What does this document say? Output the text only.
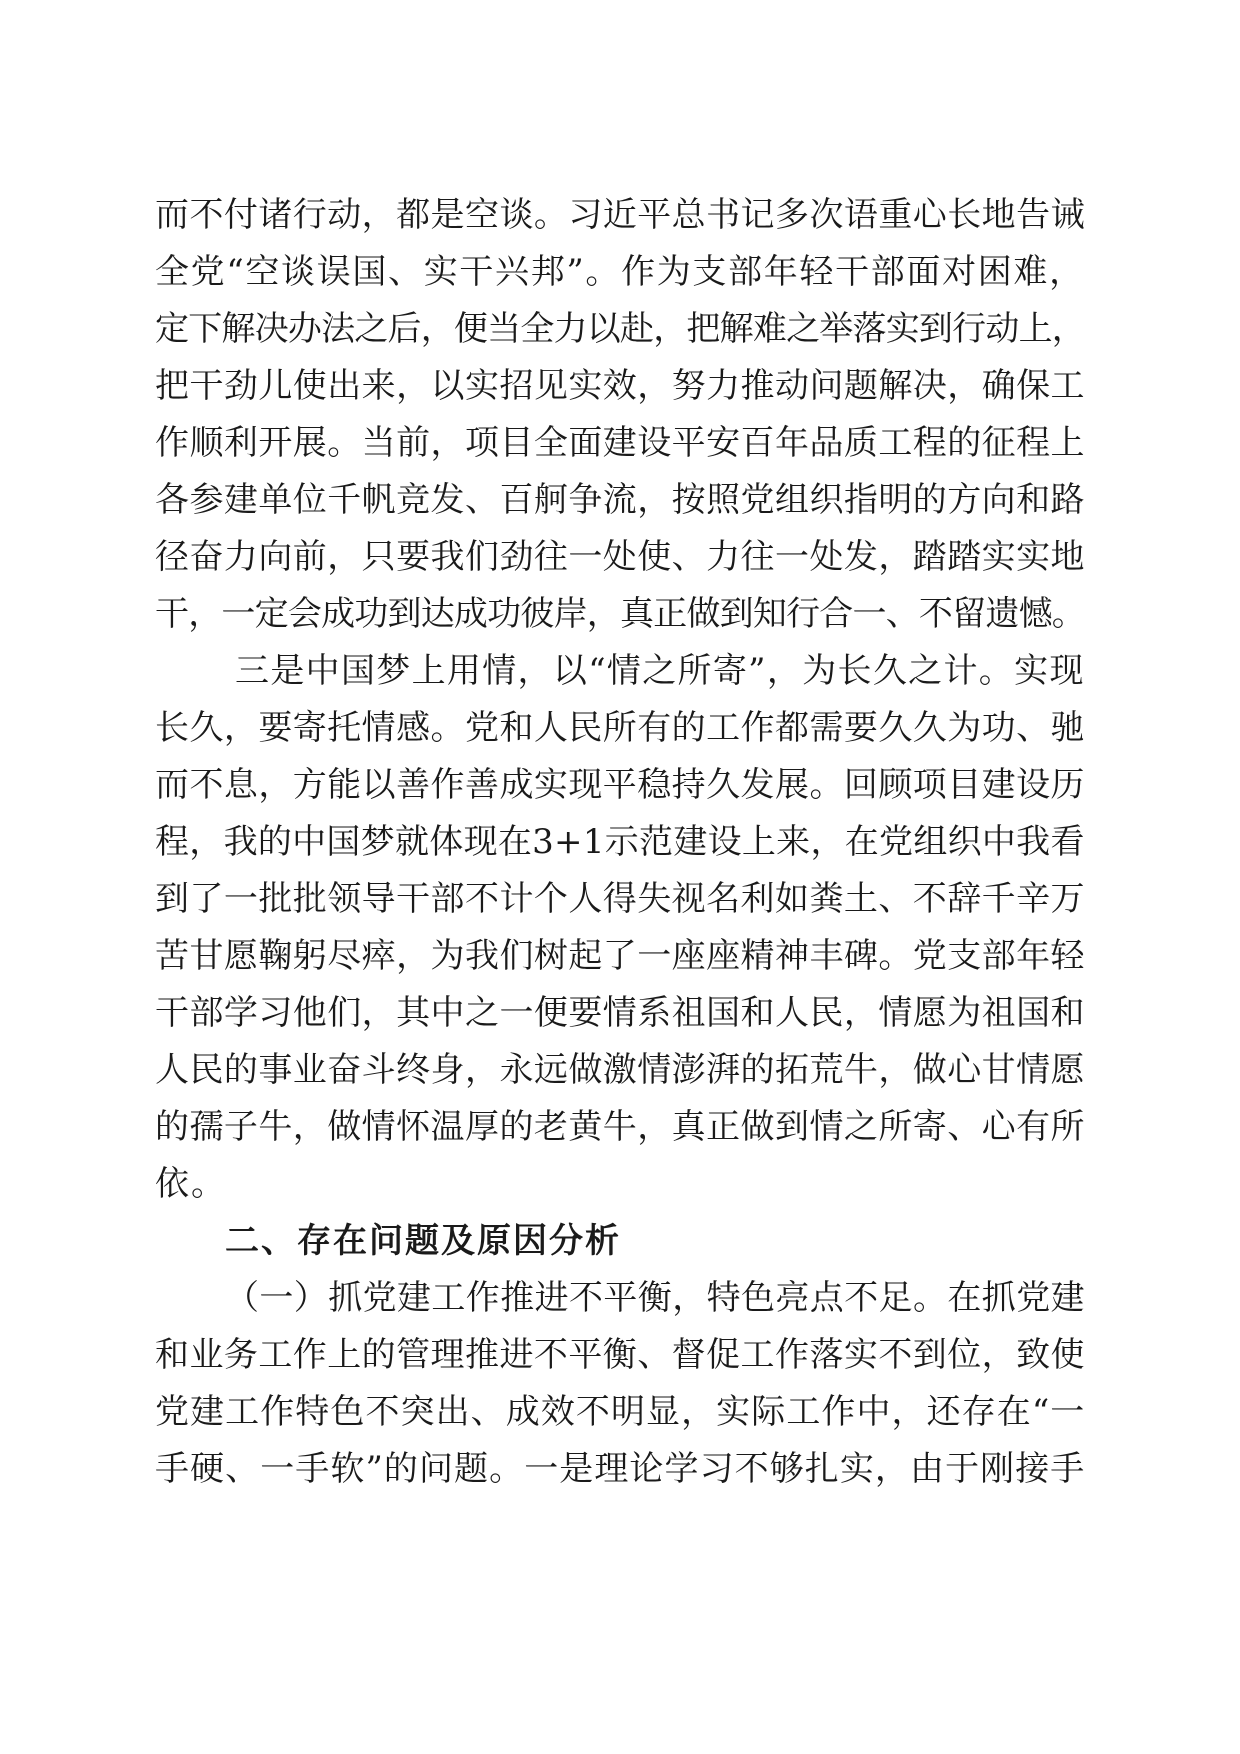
而不付诸行动，都是空谈。习近平总书记多次语重心长地告诫
全党“空谈误国、实干兴邦”。作为支部年轻干部面对困难，
定下解决办法之后，便当全力以赴，把解难之举落实到行动上，
把干劲儿使出来，以实招见实效，努力推动问题解决，确保工
作顺利开展。当前，项目全面建设平安百年品质工程的征程上
各参建单位千帆竞发、百舸争流，按照党组织指明的方向和路
径奋力向前，只要我们劲往一处使、力往一处发，踏踏实实地
干，一定会成功到达成功彼岸，真正做到知行合一、不留遗憾。
三是中国梦上用情，以“情之所寄”，为长久之计。实现
长久，要寄托情感。党和人民所有的工作都需要久久为功、驰
而不息，方能以善作善成实现平稳持久发展。回顾项目建设历
程，我的中国梦就体现在3+1示范建设上来，在党组织中我看
到了一批批领导干部不计个人得失视名利如粪土、不辞千辛万
苦甘愿鞠躬尽瘁，为我们树起了一座座精神丰碑。党支部年轻
干部学习他们，其中之一便要情系祖国和人民，情愿为祖国和
人民的事业奋斗终身，永远做激情澎湃的拓荒牛，做心甘情愿
的孺子牛，做情怀温厚的老黄牛，真正做到情之所寄、心有所
依。
二、存在问题及原因分析
（一）抓党建工作推进不平衡，特色亮点不足。在抓党建
和业务工作上的管理推进不平衡、督促工作落实不到位，致使
党建工作特色不突出、成效不明显，实际工作中，还存在“一
手硬、一手软”的问题。一是理论学习不够扎实，由于刚接手
